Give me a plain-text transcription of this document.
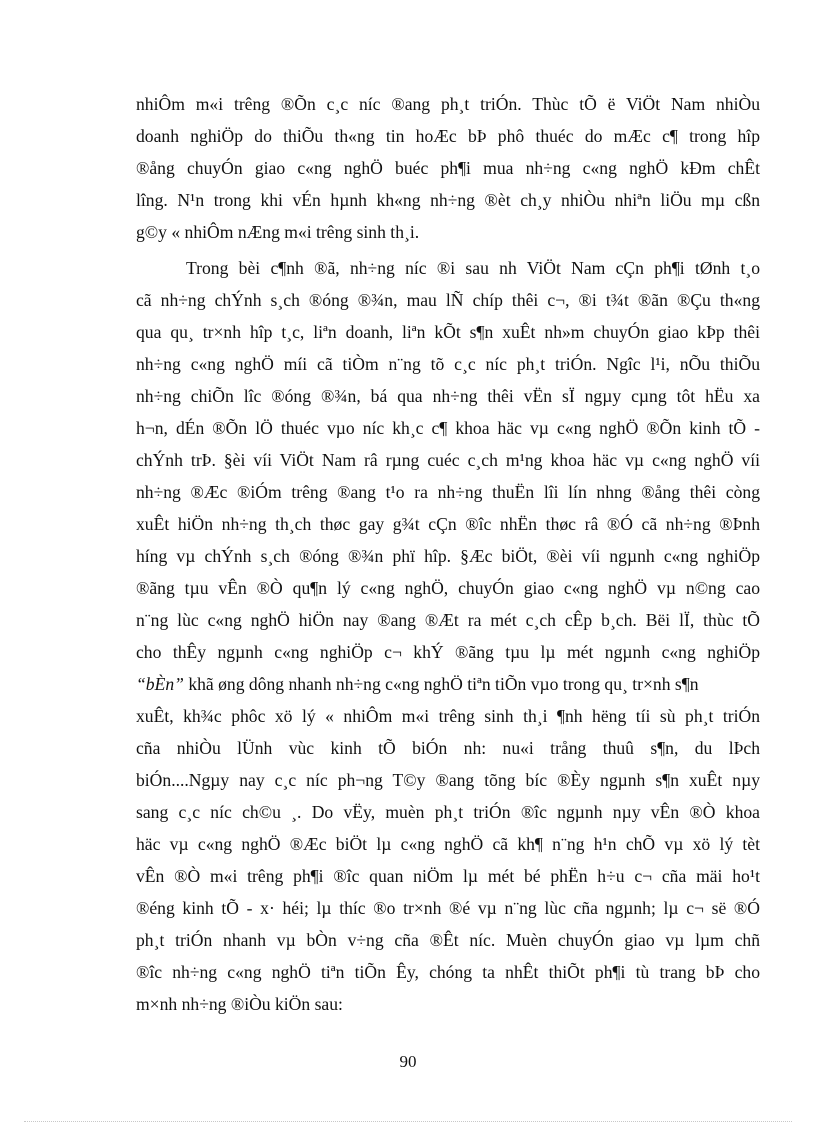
nhiÔm m«i trêng ®Õn c¸c níc ®ang ph¸t triÓn. Thùc tÕ ë ViÖt Nam nhiÒu
doanh nghiÖp do thiÕu th«ng tin hoÆc bÞ phô thuéc do mÆc c¶ trong hîp
®ång chuyÓn giao c«ng nghÖ buéc ph¶i mua nh÷ng c«ng nghÖ kÐm chÊt
lîng. N¹n trong khi vÉn hµnh kh«ng nh÷ng ®èt ch¸y nhiÒu nhiªn liÖu mµ cßn
g©y « nhiÔm nÆng m«i trêng sinh th¸i.
Trong bèi c¶nh ®ã, nh÷ng níc ®i sau nh ViÖt Nam cÇn ph¶i tØnh t¸o
cã nh÷ng chÝnh s¸ch ®óng ®¾n, mau lÑ chíp thêi c¬, ®i t¾t ®ãn ®Çu th«ng
qua qu¸ tr×nh hîp t¸c, liªn doanh, liªn kÕt s¶n xuÊt nh»m chuyÓn giao kÞp thêi
nh÷ng c«ng nghÖ míi cã tiÒm n¨ng tõ c¸c níc ph¸t triÓn. Ngîc l¹i, nÕu thiÕu
nh÷ng chiÕn lîc ®óng ®¾n, bá qua nh÷ng thêi vËn sÏ ngµy cµng tôt hËu xa
h¬n, dÉn ®Õn lÖ thuéc vµo níc kh¸c c¶ khoa häc vµ c«ng nghÖ ®Õn kinh tÕ -
chÝnh trÞ. §èi víi ViÖt Nam râ rµng cuéc c¸ch m¹ng khoa häc vµ c«ng nghÖ víi
nh÷ng ®Æc ®iÓm trêng ®ang t¹o ra nh÷ng thuËn lîi lín nhng ®ång thêi còng
xuÊt hiÖn nh÷ng th¸ch thøc gay g¾t cÇn ®îc nhËn thøc râ ®Ó cã nh÷ng ®Þnh
híng vµ chÝnh s¸ch ®óng ®¾n phï hîp. §Æc biÖt, ®èi víi ngµnh c«ng nghiÖp
®ãng tµu vÊn ®Ò qu¶n lý c«ng nghÖ, chuyÓn giao c«ng nghÖ vµ n©ng cao
n¨ng lùc c«ng nghÖ hiÖn nay ®ang ®Æt ra mét c¸ch cÊp b¸ch. Bëi lÏ, thùc tÕ
cho thÊy ngµnh c«ng nghiÖp c¬ khÝ ®ãng tµu lµ mét ngµnh c«ng nghiÖp
“bÈn” khã øng dông nhanh nh÷ng c«ng nghÖ tiªn tiÕn vµo trong qu¸ tr×nh s¶n
xuÊt, kh¾c phôc xö lý « nhiÔm m«i trêng sinh th¸i ¶nh hëng tíi sù ph¸t triÓn
cña nhiÒu lÜnh vùc kinh tÕ biÓn nh: nu«i trång thuû s¶n, du lÞch
biÓn....Ngµy nay c¸c níc ph¬ng T©y ®ang tõng bíc ®Èy ngµnh s¶n xuÊt nµy
sang c¸c níc ch©u ¸. Do vËy, muèn ph¸t triÓn ®îc ngµnh nµy vÊn ®Ò khoa
häc vµ c«ng nghÖ ®Æc biÖt lµ c«ng nghÖ cã kh¶ n¨ng h¹n chÕ vµ xö lý tèt
vÊn ®Ò m«i trêng ph¶i ®îc quan niÖm lµ mét bé phËn h÷u c¬ cña mäi ho¹t
®éng kinh tÕ - x· héi; lµ thíc ®o tr×nh ®é vµ n¨ng lùc cña ngµnh; lµ c¬ së ®Ó
ph¸t triÓn nhanh vµ bÒn v÷ng cña ®Êt níc. Muèn chuyÓn giao vµ lµm chñ
®îc nh÷ng c«ng nghÖ tiªn tiÕn Êy, chóng ta nhÊt thiÕt ph¶i tù trang bÞ cho
m×nh nh÷ng ®iÒu kiÖn sau:
90
